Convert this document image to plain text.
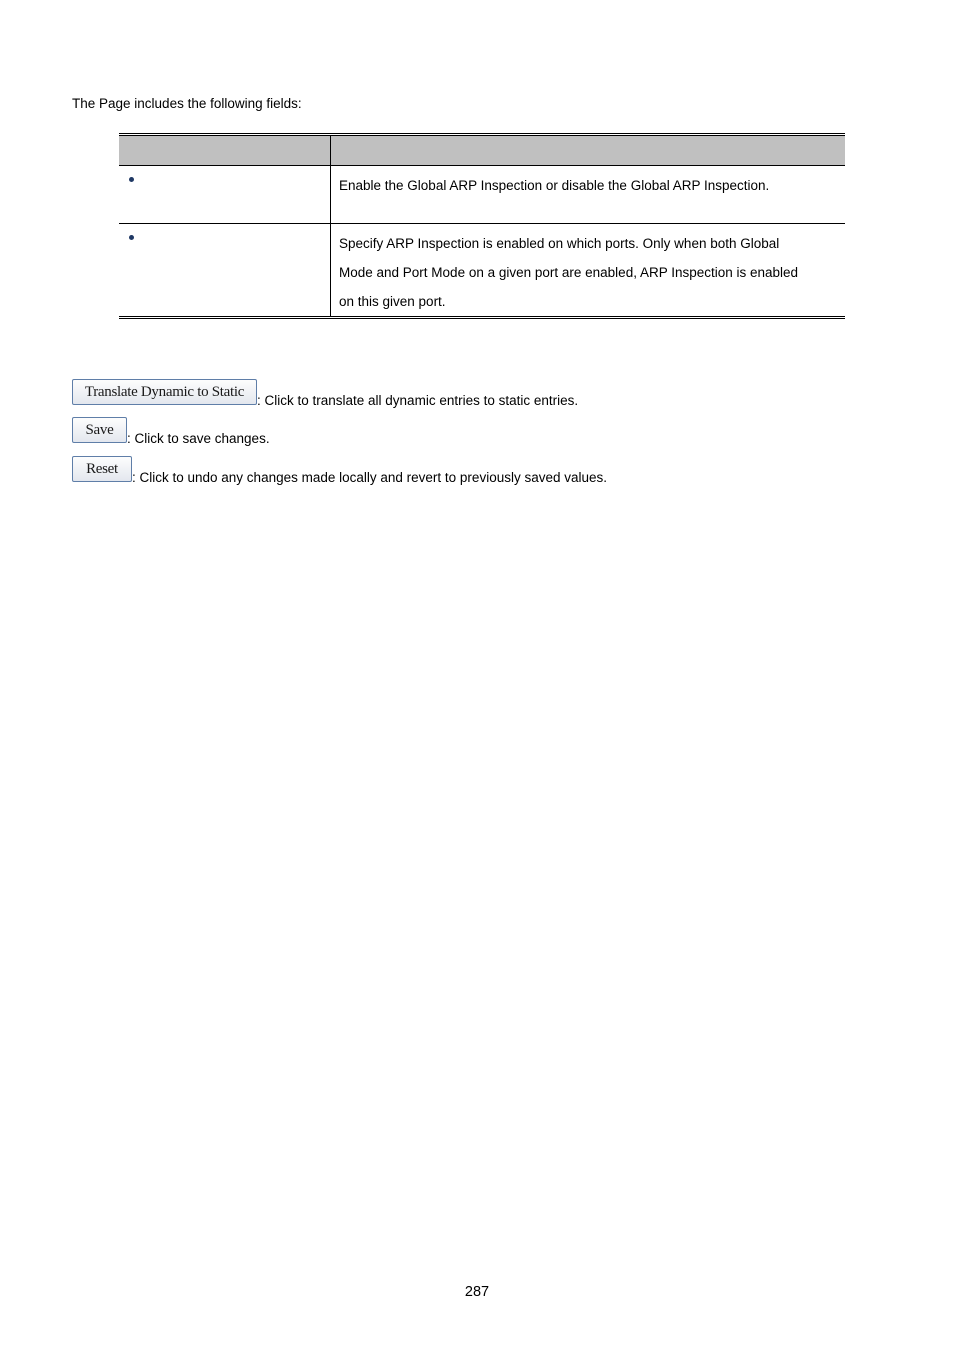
The Page includes the following fields:

	Enable the Global ARP Inspection or disable the Global ARP Inspection.

	Specify ARP Inspection is enabled on which ports. Only when both Global
Mode and Port Mode on a given port are enabled, ARP Inspection is enabled
on this given port.
Translate Dynamic to Static
: Click to translate all dynamic entries to static entries.
Save
: Click to save changes.
Reset
: Click to undo any changes made locally and revert to previously saved values.
287
